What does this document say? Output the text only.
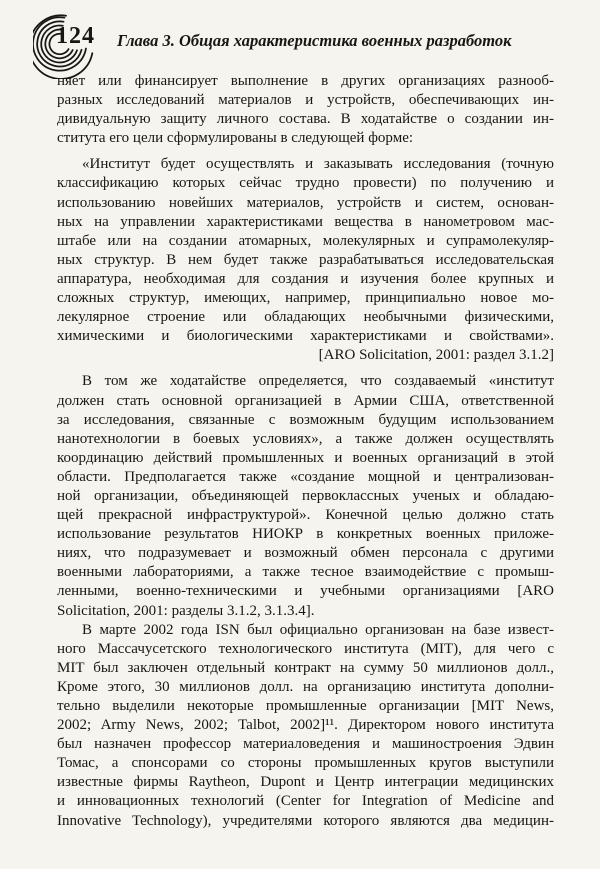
124 Глава 3. Общая характеристика военных разработок
няет или финансирует выполнение в других организациях разнооб-
разных исследований материалов и устройств, обеспечивающих ин-
дивидуальную защиту личного состава. В ходатайстве о создании ин-
ститута его цели сформулированы в следующей форме:
«Институт будет осуществлять и заказывать исследования (точную
классификацию которых сейчас трудно провести) по получению и
использованию новейших материалов, устройств и систем, основан-
ных на управлении характеристиками вещества в нанометровом мас-
штабе или на создании атомарных, молекулярных и супрамолекуляр-
ных структур. В нем будет также разрабатываться исследовательская
аппаратура, необходимая для создания и изучения более крупных и
сложных структур, имеющих, например, принципиально новое мо-
лекулярное строение или обладающих необычными физическими,
химическими и биологическими характеристиками и свойствами».
[ARO Solicitation, 2001: раздел 3.1.2]
В том же ходатайстве определяется, что создаваемый «институт
должен стать основной организацией в Армии США, ответственной
за исследования, связанные с возможным будущим использованием
нанотехнологии в боевых условиях», а также должен осуществлять
координацию действий промышленных и военных организаций в этой
области. Предполагается также «создание мощной и централизован-
ной организации, объединяющей первоклассных ученых и обладаю-
щей прекрасной инфраструктурой». Конечной целью должно стать
использование результатов НИОКР в конкретных военных приложе-
ниях, что подразумевает и возможный обмен персонала с другими
военными лабораториями, а также тесное взаимодействие с промыш-
ленными, военно-техническими и учебными организациями [ARO
Solicitation, 2001: разделы 3.1.2, 3.1.3.4].
В марте 2002 года ISN был официально организован на базе извест-
ного Массачусетского технологического института (MIT), для чего с
MIT был заключен отдельный контракт на сумму 50 миллионов долл.,
Кроме этого, 30 миллионов долл. на организацию института дополни-
тельно выделили некоторые промышленные организации [MIT News,
2002; Army News, 2002; Talbot, 2002]¹¹. Директором нового института
был назначен профессор материаловедения и машиностроения Эдвин
Томас, а спонсорами со стороны промышленных кругов выступили
известные фирмы Raytheon, Dupont и Центр интеграции медицинских
и инновационных технологий (Center for Integration of Medicine and
Innovative Technology), учредителями которого являются два медицин-
